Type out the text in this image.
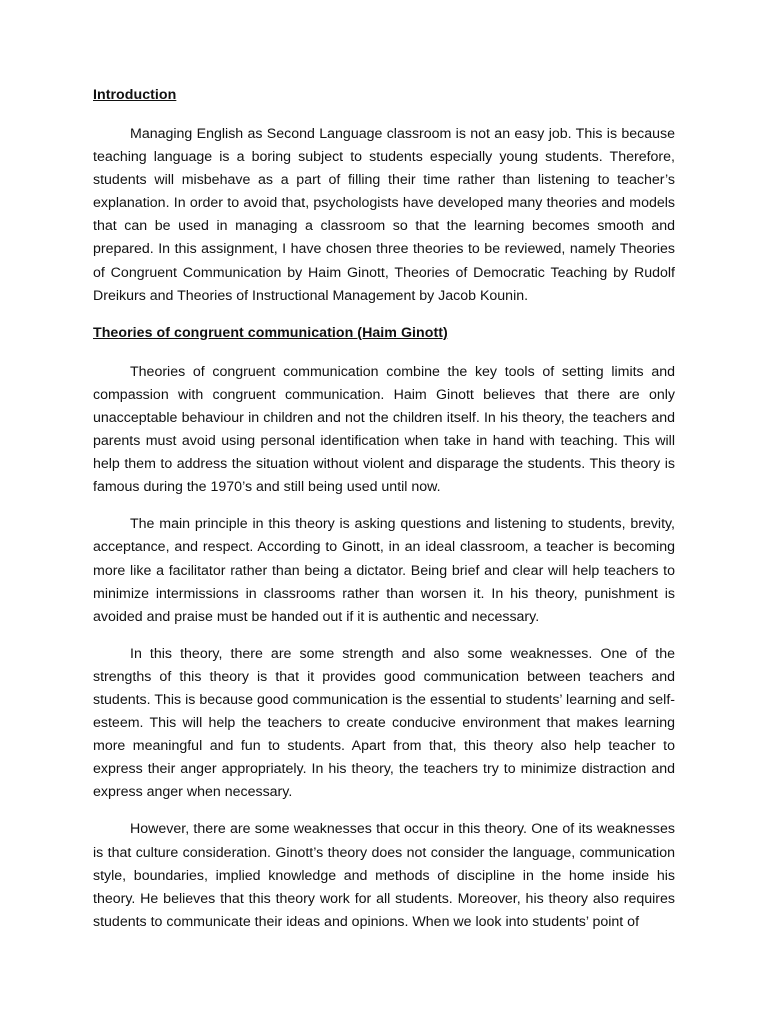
Introduction

Managing English as Second Language classroom is not an easy job. This is because teaching language is a boring subject to students especially young students. Therefore, students will misbehave as a part of filling their time rather than listening to teacher’s explanation. In order to avoid that, psychologists have developed many theories and models that can be used in managing a classroom so that the learning becomes smooth and prepared. In this assignment, I have chosen three theories to be reviewed, namely Theories of Congruent Communication by Haim Ginott, Theories of Democratic Teaching by Rudolf Dreikurs and Theories of Instructional Management by Jacob Kounin.

Theories of congruent communication (Haim Ginott)

Theories of congruent communication combine the key tools of setting limits and compassion with congruent communication. Haim Ginott believes that there are only unacceptable behaviour in children and not the children itself. In his theory, the teachers and parents must avoid using personal identification when take in hand with teaching. This will help them to address the situation without violent and disparage the students. This theory is famous during the 1970’s and still being used until now.

The main principle in this theory is asking questions and listening to students, brevity, acceptance, and respect. According to Ginott, in an ideal classroom, a teacher is becoming more like a facilitator rather than being a dictator. Being brief and clear will help teachers to minimize intermissions in classrooms rather than worsen it. In his theory, punishment is avoided and praise must be handed out if it is authentic and necessary.

In this theory, there are some strength and also some weaknesses. One of the strengths of this theory is that it provides good communication between teachers and students. This is because good communication is the essential to students’ learning and self-esteem. This will help the teachers to create conducive environment that makes learning more meaningful and fun to students. Apart from that, this theory also help teacher to express their anger appropriately. In his theory, the teachers try to minimize distraction and express anger when necessary.

However, there are some weaknesses that occur in this theory. One of its weaknesses is that culture consideration. Ginott’s theory does not consider the language, communication style, boundaries, implied knowledge and methods of discipline in the home inside his theory. He believes that this theory work for all students. Moreover, his theory also requires students to communicate their ideas and opinions. When we look into students’ point of
